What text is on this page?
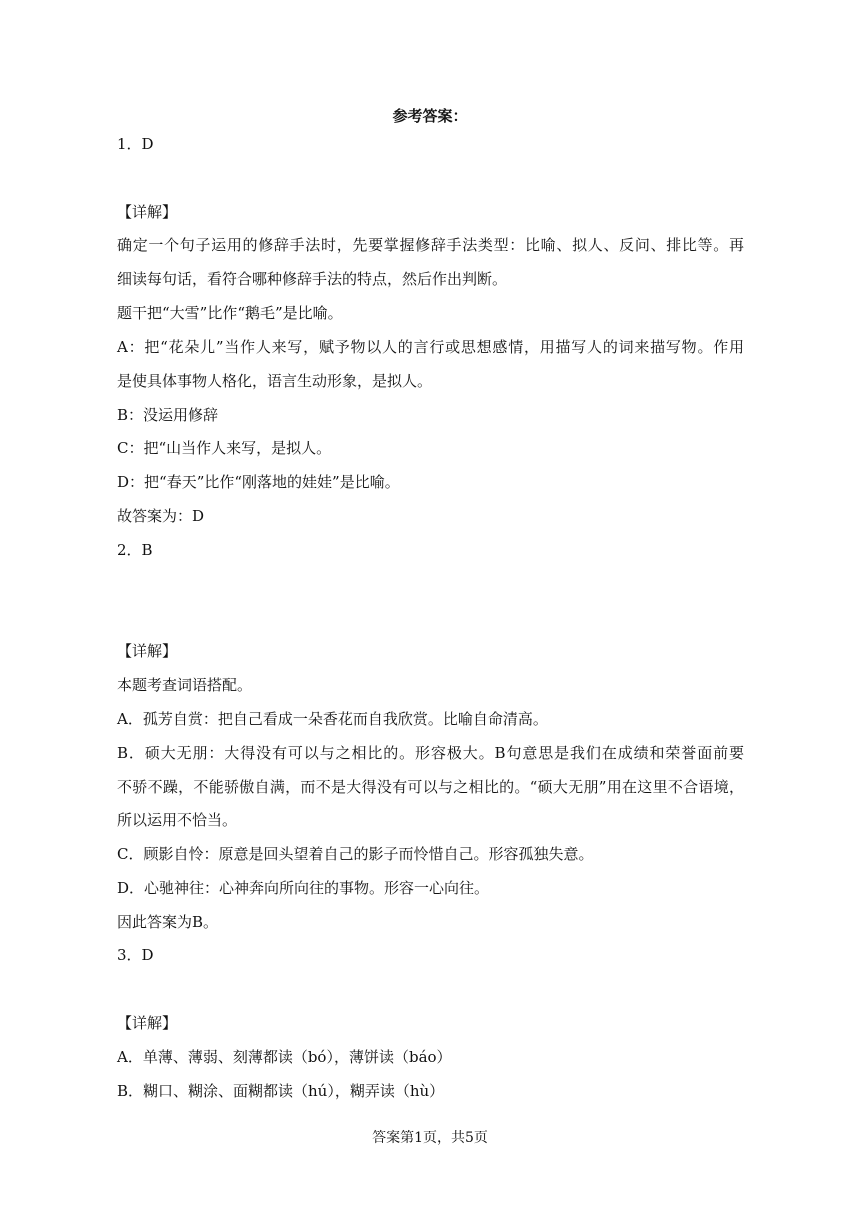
参考答案：
1．D
【详解】
确定一个句子运用的修辞手法时，先要掌握修辞手法类型：比喻、拟人、反问、排比等。再
细读每句话，看符合哪种修辞手法的特点，然后作出判断。
题干把“大雪”比作“鹅毛”是比喻。
A：把“花朵儿”当作人来写，赋予物以人的言行或思想感情，用描写人的词来描写物。作用
是使具体事物人格化，语言生动形象，是拟人。
B：没运用修辞
C：把“山当作人来写，是拟人。
D：把“春天”比作“刚落地的娃娃”是比喻。
故答案为：D
2．B
【详解】
本题考查词语搭配。
A．孤芳自赏：把自己看成一朵香花而自我欣赏。比喻自命清高。
B．硕大无朋：大得没有可以与之相比的。形容极大。B句意思是我们在成绩和荣誉面前要
不骄不躁，不能骄傲自满，而不是大得没有可以与之相比的。“硕大无朋”用在这里不合语境，
所以运用不恰当。
C．顾影自怜：原意是回头望着自己的影子而怜惜自己。形容孤独失意。
D．心驰神往：心神奔向所向往的事物。形容一心向往。
因此答案为B。
3．D
【详解】
A．单薄、薄弱、刻薄都读（bó），薄饼读（báo）
B．糊口、糊涂、面糊都读（hú），糊弄读（hù）
答案第1页，共5页
